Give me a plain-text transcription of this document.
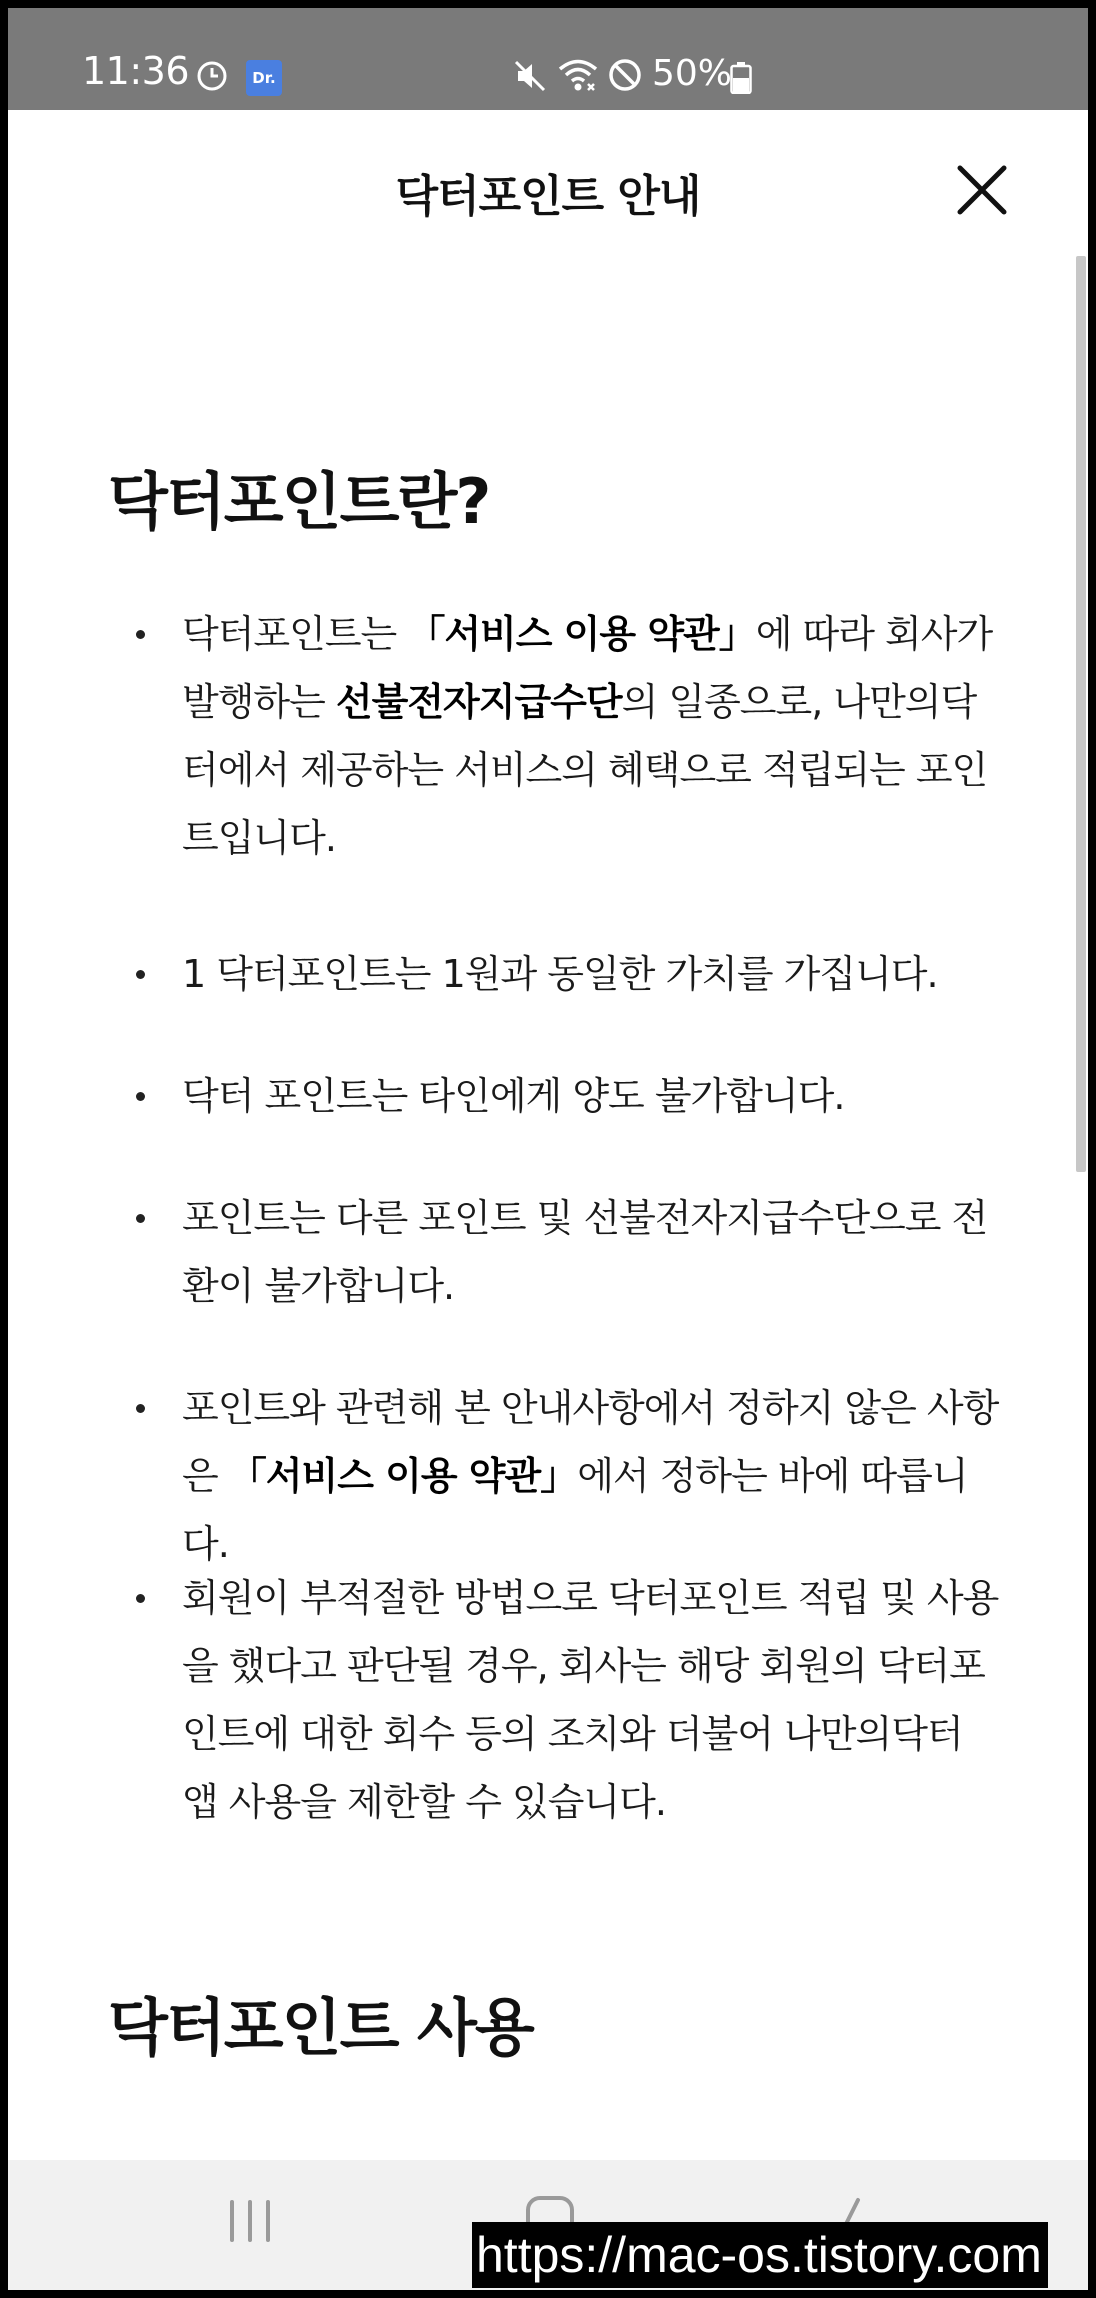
11:36	Dr.	50%
닥터포인트 안내
닥터포인트란?

닥터포인트는 「서비스 이용 약관」에 따라 회사가 발행하는 선불전자지급수단의 일종으로, 나만의닥터에서 제공하는 서비스의 혜택으로 적립되는 포인트입니다.

1 닥터포인트는 1원과 동일한 가치를 가집니다.

닥터 포인트는 타인에게 양도 불가합니다.

포인트는 다른 포인트 및 선불전자지급수단으로 전환이 불가합니다.

포인트와 관련해 본 안내사항에서 정하지 않은 사항은 「서비스 이용 약관」에서 정하는 바에 따릅니다.

회원이 부적절한 방법으로 닥터포인트 적립 및 사용을 했다고 판단될 경우, 회사는 해당 회원의 닥터포인트에 대한 회수 등의 조치와 더불어 나만의닥터 앱 사용을 제한할 수 있습니다.

닥터포인트 사용
https://mac-os.tistory.com
